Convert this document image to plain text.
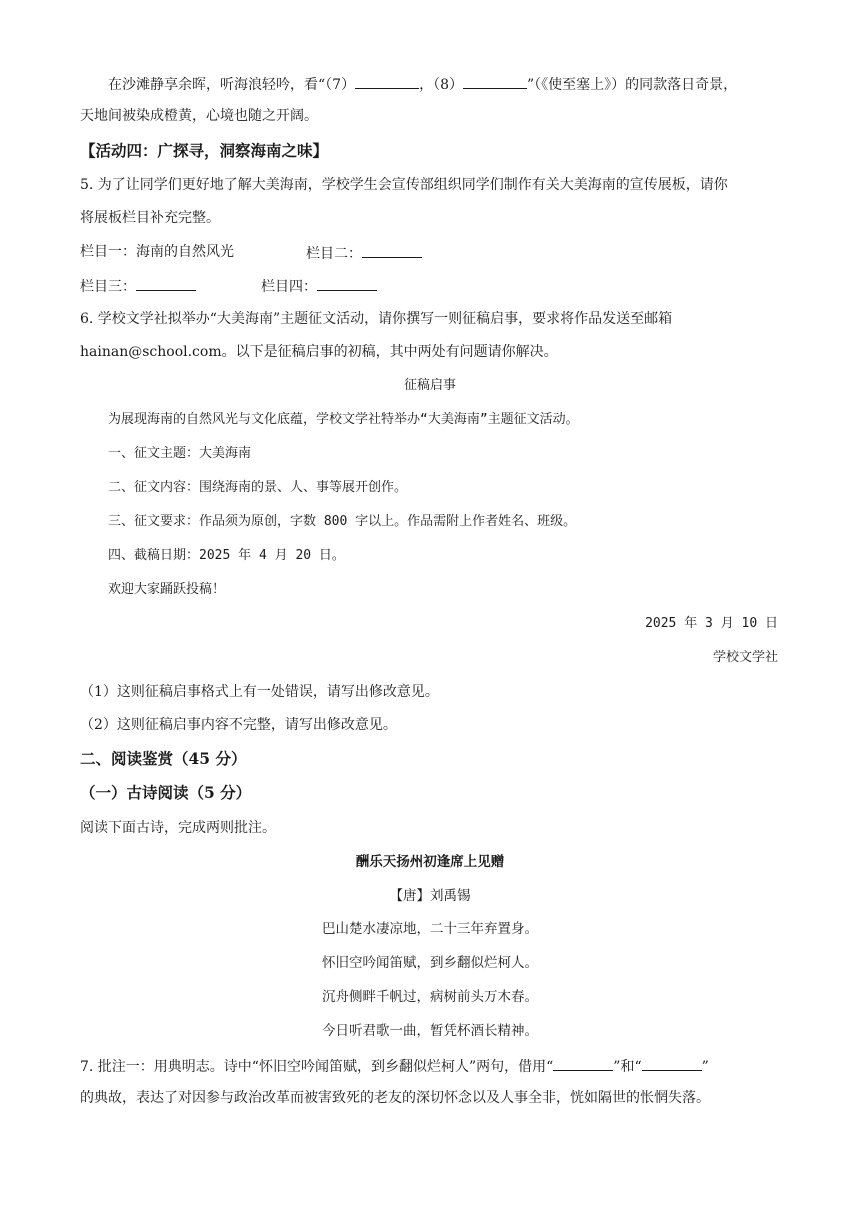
在沙滩静享余晖，听海浪轻吟，看“（7）	，（8）	”（《使至塞上》）的同款落日奇景，
天地间被染成橙黄，心境也随之开阔。
【活动四：广探寻，洞察海南之味】
5. 为了让同学们更好地了解大美海南，学校学生会宣传部组织同学们制作有关大美海南的宣传展板，请你
将展板栏目补充完整。
栏目一：海南的自然风光	栏目二：
栏目三：	栏目四：
6. 学校文学社拟举办“大美海南”主题征文活动，请你撰写一则征稿启事，要求将作品发送至邮箱
hainan@school.com。以下是征稿启事的初稿，其中两处有问题请你解决。
征稿启事
为展现海南的自然风光与文化底蕴，学校文学社特举办“大美海南”主题征文活动。
一、征文主题：大美海南
二、征文内容：围绕海南的景、人、事等展开创作。
三、征文要求：作品须为原创，字数 800 字以上。作品需附上作者姓名、班级。
四、截稿日期：2025 年 4 月 20 日。
欢迎大家踊跃投稿！
2025 年 3 月 10 日
学校文学社
（1）这则征稿启事格式上有一处错误，请写出修改意见。
（2）这则征稿启事内容不完整，请写出修改意见。
二、阅读鉴赏（45 分）
（一）古诗阅读（5 分）
阅读下面古诗，完成两则批注。
酬乐天扬州初逢席上见赠
【唐】刘禹锡
巴山楚水凄凉地，二十三年弃置身。
怀旧空吟闻笛赋，到乡翻似烂柯人。
沉舟侧畔千帆过，病树前头万木春。
今日听君歌一曲，暂凭杯酒长精神。
7. 批注一：用典明志。诗中“怀旧空吟闻笛赋，到乡翻似烂柯人”两句，借用“	”和“	”
的典故，表达了对因参与政治改革而被害致死的老友的深切怀念以及人事全非，恍如隔世的怅惘失落。
